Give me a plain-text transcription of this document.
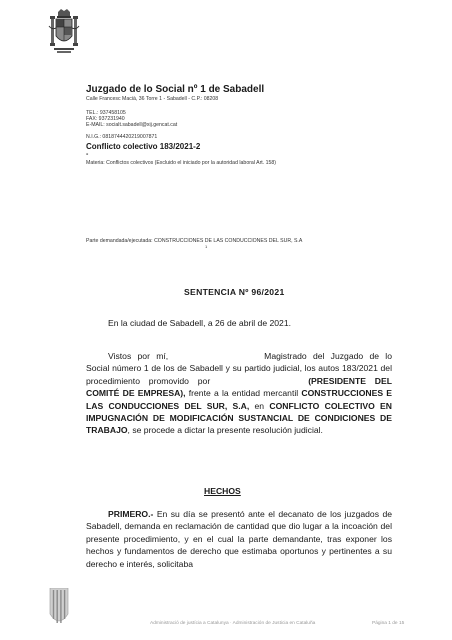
Juzgado de lo Social nº 1 de Sabadell
Calle Francesc Macià, 36 Torre 1 - Sabadell - C.P.: 08208
TEL.: 937458105
FAX: 937231940
E-MAIL: socialt.sabadell@xij.gencat.cat
N.I.G.: 0818744420219007871
Conflicto colectivo 183/2021-2
-
Materia: Conflictos colectivos (Excluido el iniciado por la autoridad laboral Art. 158)
Parte demandada/ejecutada: CONSTRUCCIONES DE LAS CONDUCCIONES DEL SUR, S.A
1
SENTENCIA Nº 96/2021
En la ciudad de Sabadell, a 26 de abril de 2021.
Vistos por mí,	Magistrado del Juzgado de lo Social número 1 de los de Sabadell y su partido judicial, los autos 183/2021 del procedimiento promovido por	(PRESIDENTE DEL COMITÉ DE EMPRESA), frente a la entidad mercantil CONSTRUCCIONES E LAS CONDUCCIONES DEL SUR, S.A, en CONFLICTO COLECTIVO EN IMPUGNACIÓN DE MODIFICACIÓN SUSTANCIAL DE CONDICIONES DE TRABAJO, se procede a dictar la presente resolución judicial.
HECHOS
PRIMERO.- En su día se presentó ante el decanato de los juzgados de Sabadell, demanda en reclamación de cantidad que dio lugar a la incoación del presente procedimiento, y en el cual la parte demandante, tras exponer los hechos y fundamentos de derecho que estimaba oportunos y pertinentes a su derecho e interés, solicitaba
Administració de justícia a Catalunya · Administración de Justicia en Cataluña	Página 1 de 15
